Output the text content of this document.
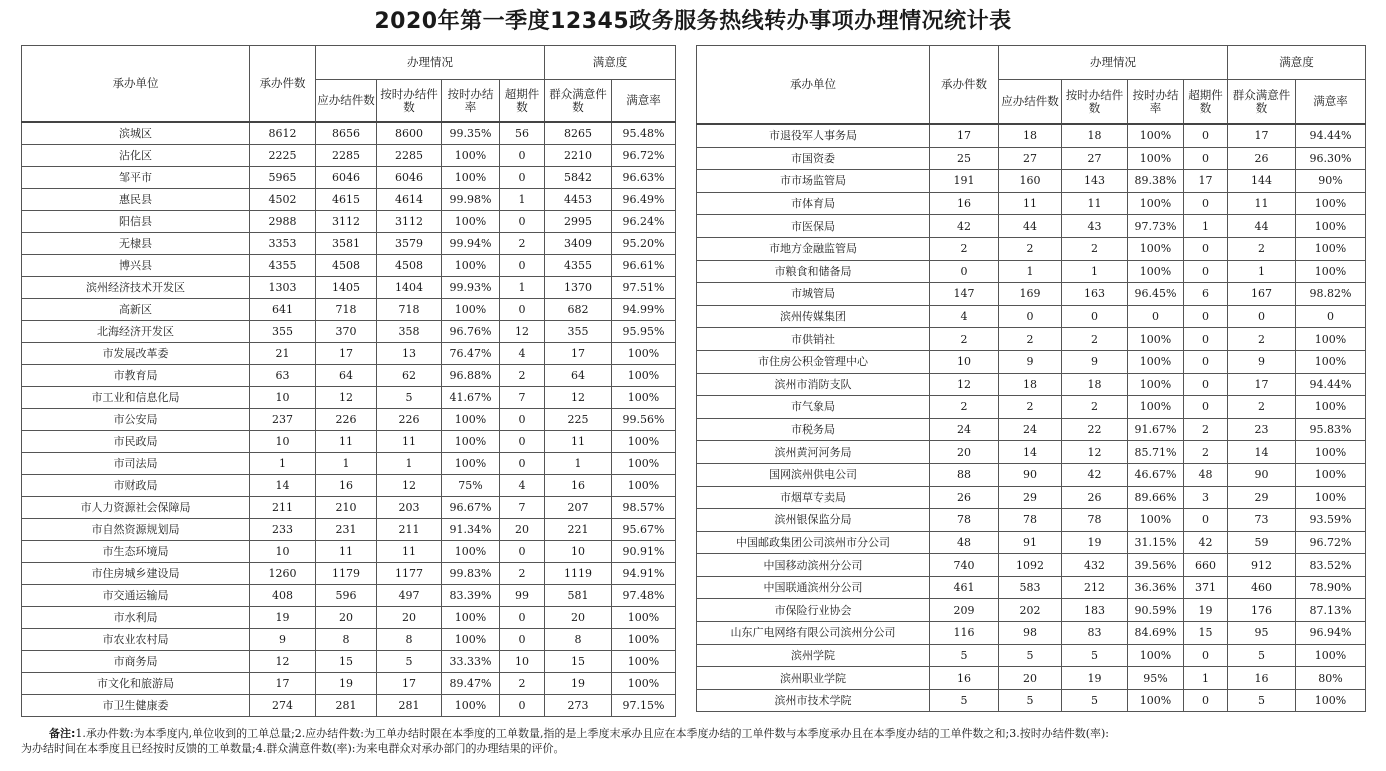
2020年第一季度12345政务服务热线转办事项办理情况统计表
承办单位	承办件数	办理情况				满意度	
		应办结件数	按时办结件数	按时办结率	超期件数	群众满意件数	满意率
滨城区	8612	8656	8600	99.35%	56	8265	95.48%
沾化区	2225	2285	2285	100%	0	2210	96.72%
邹平市	5965	6046	6046	100%	0	5842	96.63%
惠民县	4502	4615	4614	99.98%	1	4453	96.49%
阳信县	2988	3112	3112	100%	0	2995	96.24%
无棣县	3353	3581	3579	99.94%	2	3409	95.20%
博兴县	4355	4508	4508	100%	0	4355	96.61%
滨州经济技术开发区	1303	1405	1404	99.93%	1	1370	97.51%
高新区	641	718	718	100%	0	682	94.99%
北海经济开发区	355	370	358	96.76%	12	355	95.95%
市发展改革委	21	17	13	76.47%	4	17	100%
市教育局	63	64	62	96.88%	2	64	100%
市工业和信息化局	10	12	5	41.67%	7	12	100%
市公安局	237	226	226	100%	0	225	99.56%
市民政局	10	11	11	100%	0	11	100%
市司法局	1	1	1	100%	0	1	100%
市财政局	14	16	12	75%	4	16	100%
市人力资源社会保障局	211	210	203	96.67%	7	207	98.57%
市自然资源规划局	233	231	211	91.34%	20	221	95.67%
市生态环境局	10	11	11	100%	0	10	90.91%
市住房城乡建设局	1260	1179	1177	99.83%	2	1119	94.91%
市交通运输局	408	596	497	83.39%	99	581	97.48%
市水利局	19	20	20	100%	0	20	100%
市农业农村局	9	8	8	100%	0	8	100%
市商务局	12	15	5	33.33%	10	15	100%
市文化和旅游局	17	19	17	89.47%	2	19	100%
市卫生健康委	274	281	281	100%	0	273	97.15%
承办单位	承办件数	办理情况				满意度	
		应办结件数	按时办结件数	按时办结率	超期件数	群众满意件数	满意率
市退役军人事务局	17	18	18	100%	0	17	94.44%
市国资委	25	27	27	100%	0	26	96.30%
市市场监管局	191	160	143	89.38%	17	144	90%
市体育局	16	11	11	100%	0	11	100%
市医保局	42	44	43	97.73%	1	44	100%
市地方金融监管局	2	2	2	100%	0	2	100%
市粮食和储备局	0	1	1	100%	0	1	100%
市城管局	147	169	163	96.45%	6	167	98.82%
滨州传媒集团	4	0	0	0	0	0	0
市供销社	2	2	2	100%	0	2	100%
市住房公积金管理中心	10	9	9	100%	0	9	100%
滨州市消防支队	12	18	18	100%	0	17	94.44%
市气象局	2	2	2	100%	0	2	100%
市税务局	24	24	22	91.67%	2	23	95.83%
滨州黄河河务局	20	14	12	85.71%	2	14	100%
国网滨州供电公司	88	90	42	46.67%	48	90	100%
市烟草专卖局	26	29	26	89.66%	3	29	100%
滨州银保监分局	78	78	78	100%	0	73	93.59%
中国邮政集团公司滨州市分公司	48	91	19	31.15%	42	59	96.72%
中国移动滨州分公司	740	1092	432	39.56%	660	912	83.52%
中国联通滨州分公司	461	583	212	36.36%	371	460	78.90%
市保险行业协会	209	202	183	90.59%	19	176	87.13%
山东广电网络有限公司滨州分公司	116	98	83	84.69%	15	95	96.94%
滨州学院	5	5	5	100%	0	5	100%
滨州职业学院	16	20	19	95%	1	16	80%
滨州市技术学院	5	5	5	100%	0	5	100%
备注:1.承办件数:为本季度内,单位收到的工单总量;2.应办结件数:为工单办结时限在本季度的工单数量,指的是上季度末承办且应在本季度办结的工单件数与本季度承办且在本季度办结的工单件数之和;3.按时办结件数(率):
为办结时间在本季度且已经按时反馈的工单数量;4.群众满意件数(率):为来电群众对承办部门的办理结果的评价。
